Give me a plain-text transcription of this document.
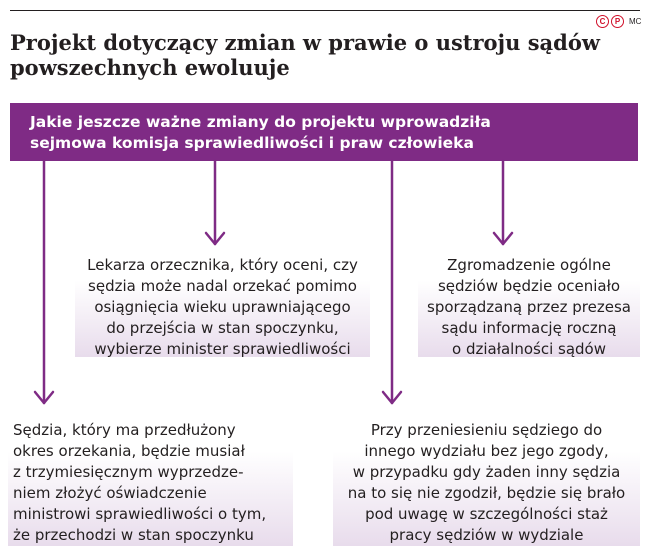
C	P	MC
Projekt dotyczący zmian w prawie o ustroju sądów
powszechnych ewoluuje
Jakie jeszcze ważne zmiany do projektu wprowadziła
sejmowa komisja sprawiedliwości i praw człowieka

Lekarza orzecznika, który oceni, czy

sędzia może nadal orzekać pomimo

osiągnięcia wieku uprawniającego

do przejścia w stan spoczynku,

wybierze minister sprawiedliwości

Zgromadzenie ogólne

sędziów będzie oceniało

sporządzaną przez prezesa

sądu informację roczną

o działalności sądów

Sędzia, który ma przedłużony

okres orzekania, będzie musiał

z trzymiesięcznym wyprzedze-

niem złożyć oświadczenie

ministrowi sprawiedliwości o tym,

że przechodzi w stan spoczynku

Przy przeniesieniu sędziego do

innego wydziału bez jego zgody,

w przypadku gdy żaden inny sędzia

na to się nie zgodził, będzie się brało

pod uwagę w szczególności staż

pracy sędziów w wydziale
